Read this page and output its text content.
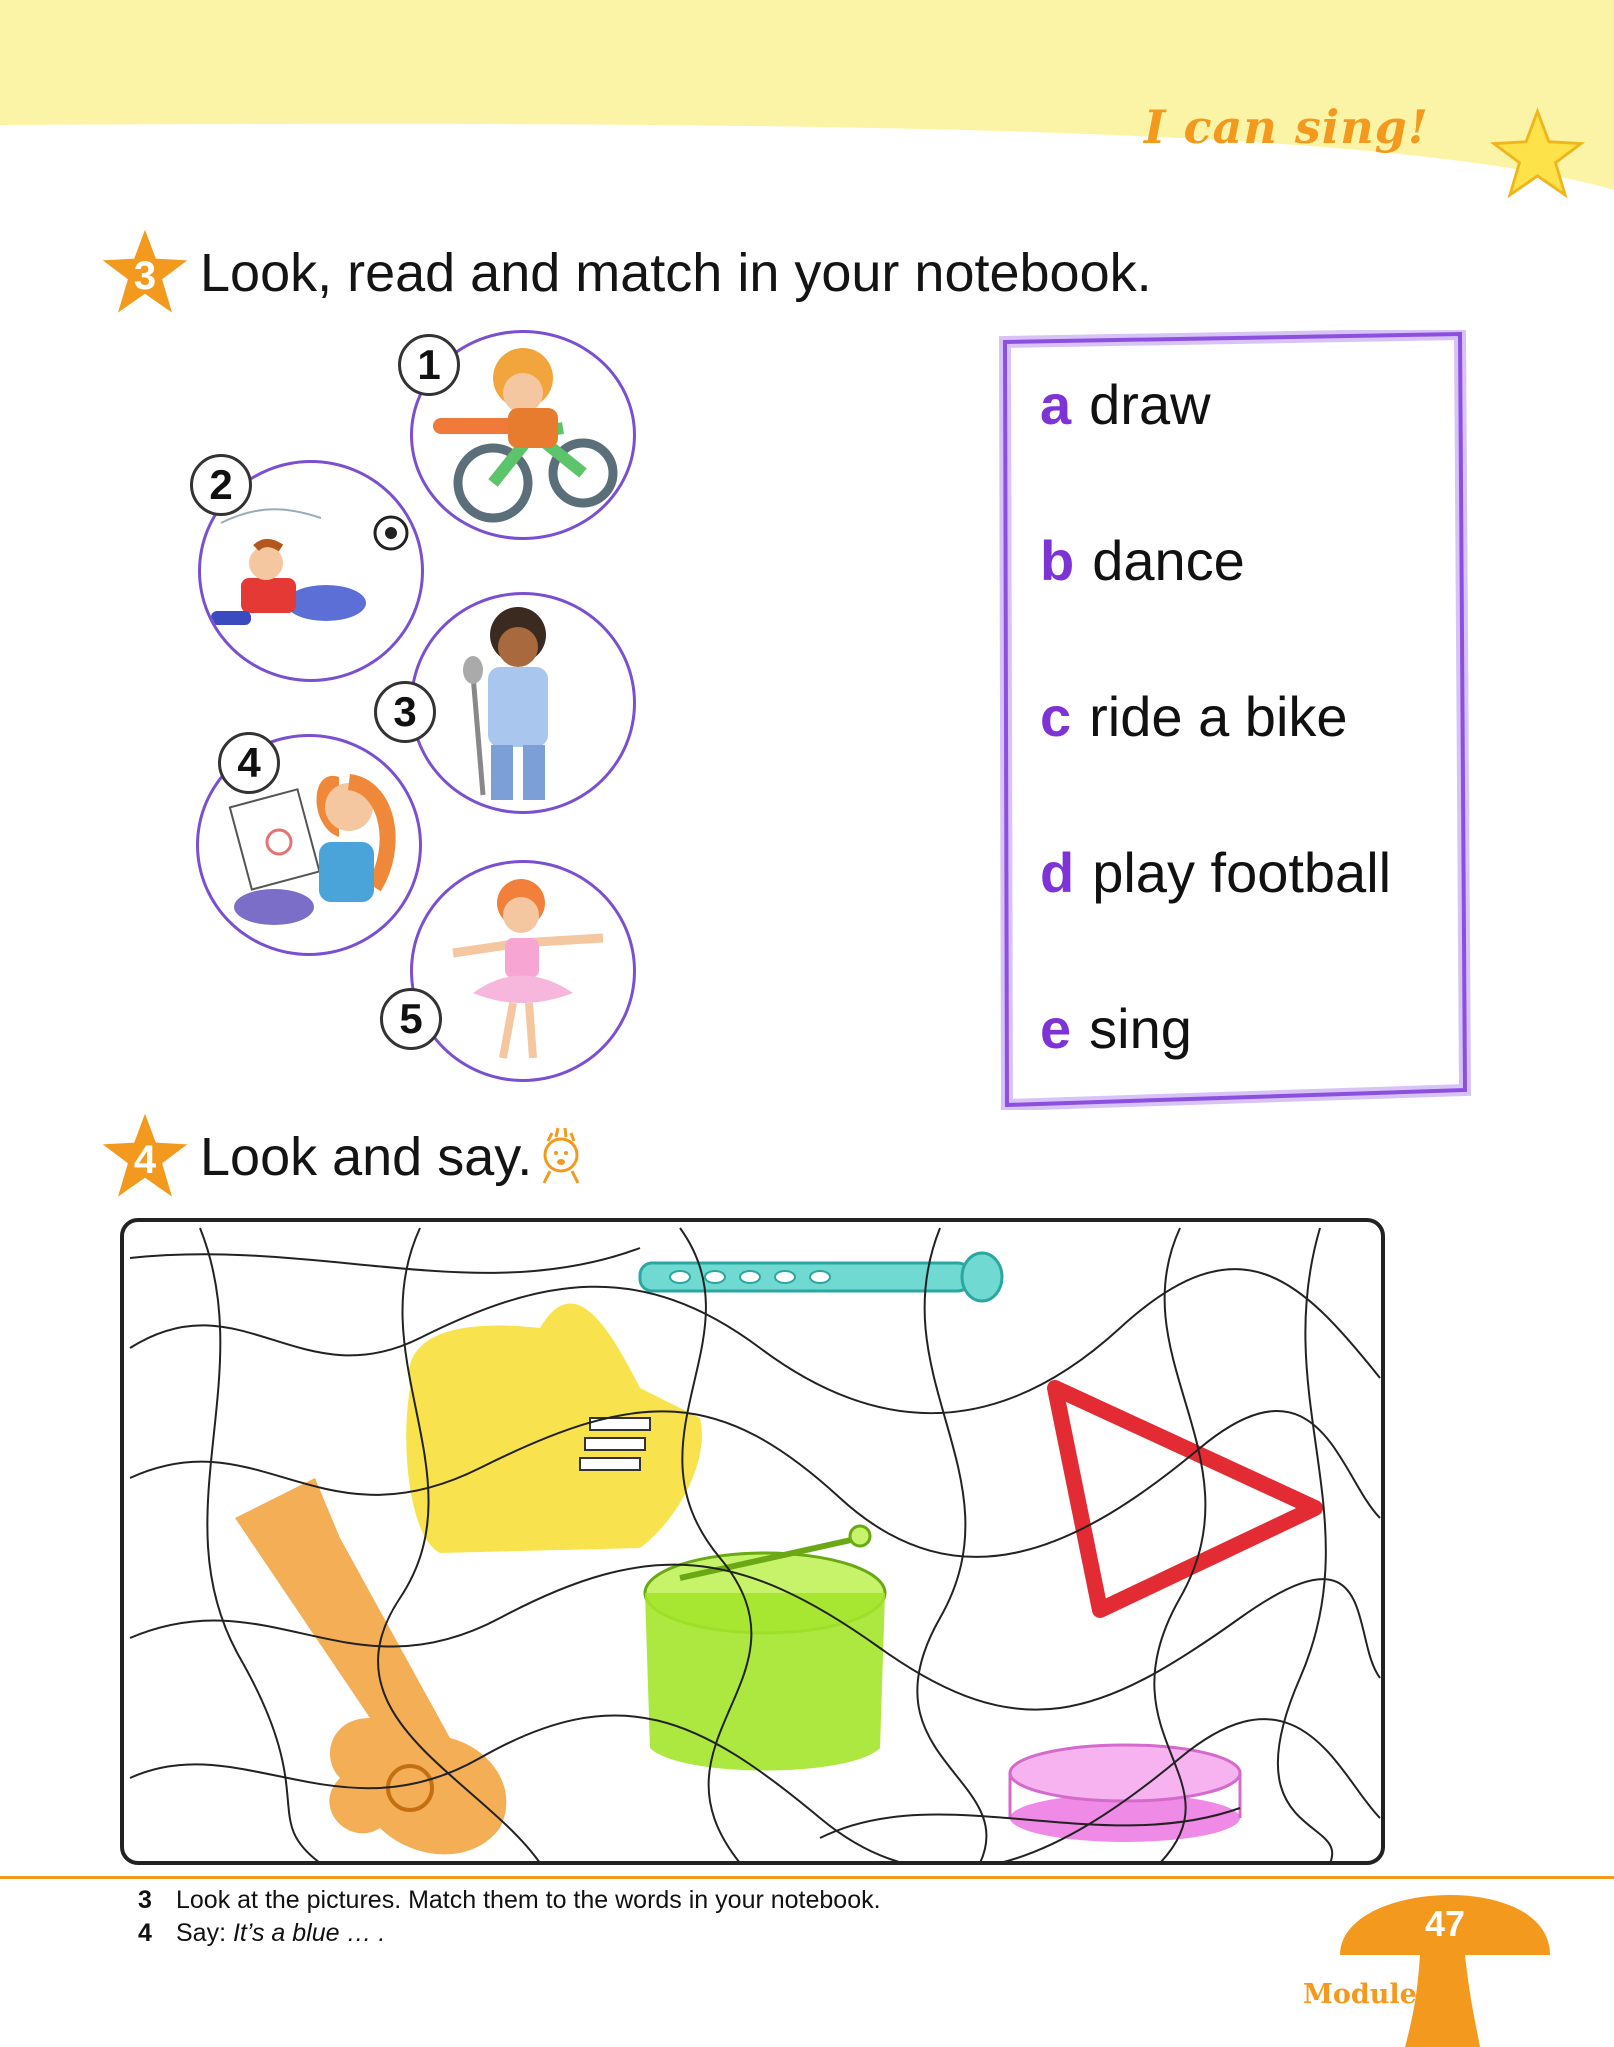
I can sing!
3 Look, read and match in your notebook.
1
2
3
4
5
a draw
b dance
c ride a bike
d play football
e sing
4 Look and say.
3 Look at the pictures. Match them to the words in your notebook.
4 Say: It’s a blue … .	47
Module 2
